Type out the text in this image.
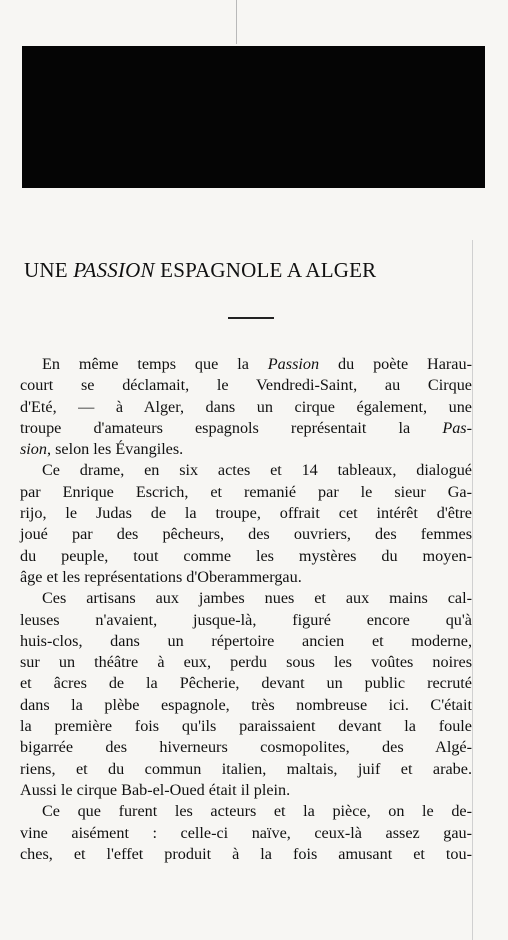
UNE PASSION ESPAGNOLE A ALGER
En même temps que la Passion du poète Harau-
court se déclamait, le Vendredi-Saint, au Cirque
d'Eté, — à Alger, dans un cirque également, une
troupe d'amateurs espagnols représentait la Pas-
sion, selon les Évangiles.
Ce drame, en six actes et 14 tableaux, dialogué
par Enrique Escrich, et remanié par le sieur Ga-
rijo, le Judas de la troupe, offrait cet intérêt d'être
joué par des pêcheurs, des ouvriers, des femmes
du peuple, tout comme les mystères du moyen-
âge et les représentations d'Oberammergau.
Ces artisans aux jambes nues et aux mains cal-
leuses n'avaient, jusque-là, figuré encore qu'à
huis-clos, dans un répertoire ancien et moderne,
sur un théâtre à eux, perdu sous les voûtes noires
et âcres de la Pêcherie, devant un public recruté
dans la plèbe espagnole, très nombreuse ici. C'était
la première fois qu'ils paraissaient devant la foule
bigarrée des hiverneurs cosmopolites, des Algé-
riens, et du commun italien, maltais, juif et arabe.
Aussi le cirque Bab-el-Oued était il plein.
Ce que furent les acteurs et la pièce, on le de-
vine aisément : celle-ci naïve, ceux-là assez gau-
ches, et l'effet produit à la fois amusant et tou-
